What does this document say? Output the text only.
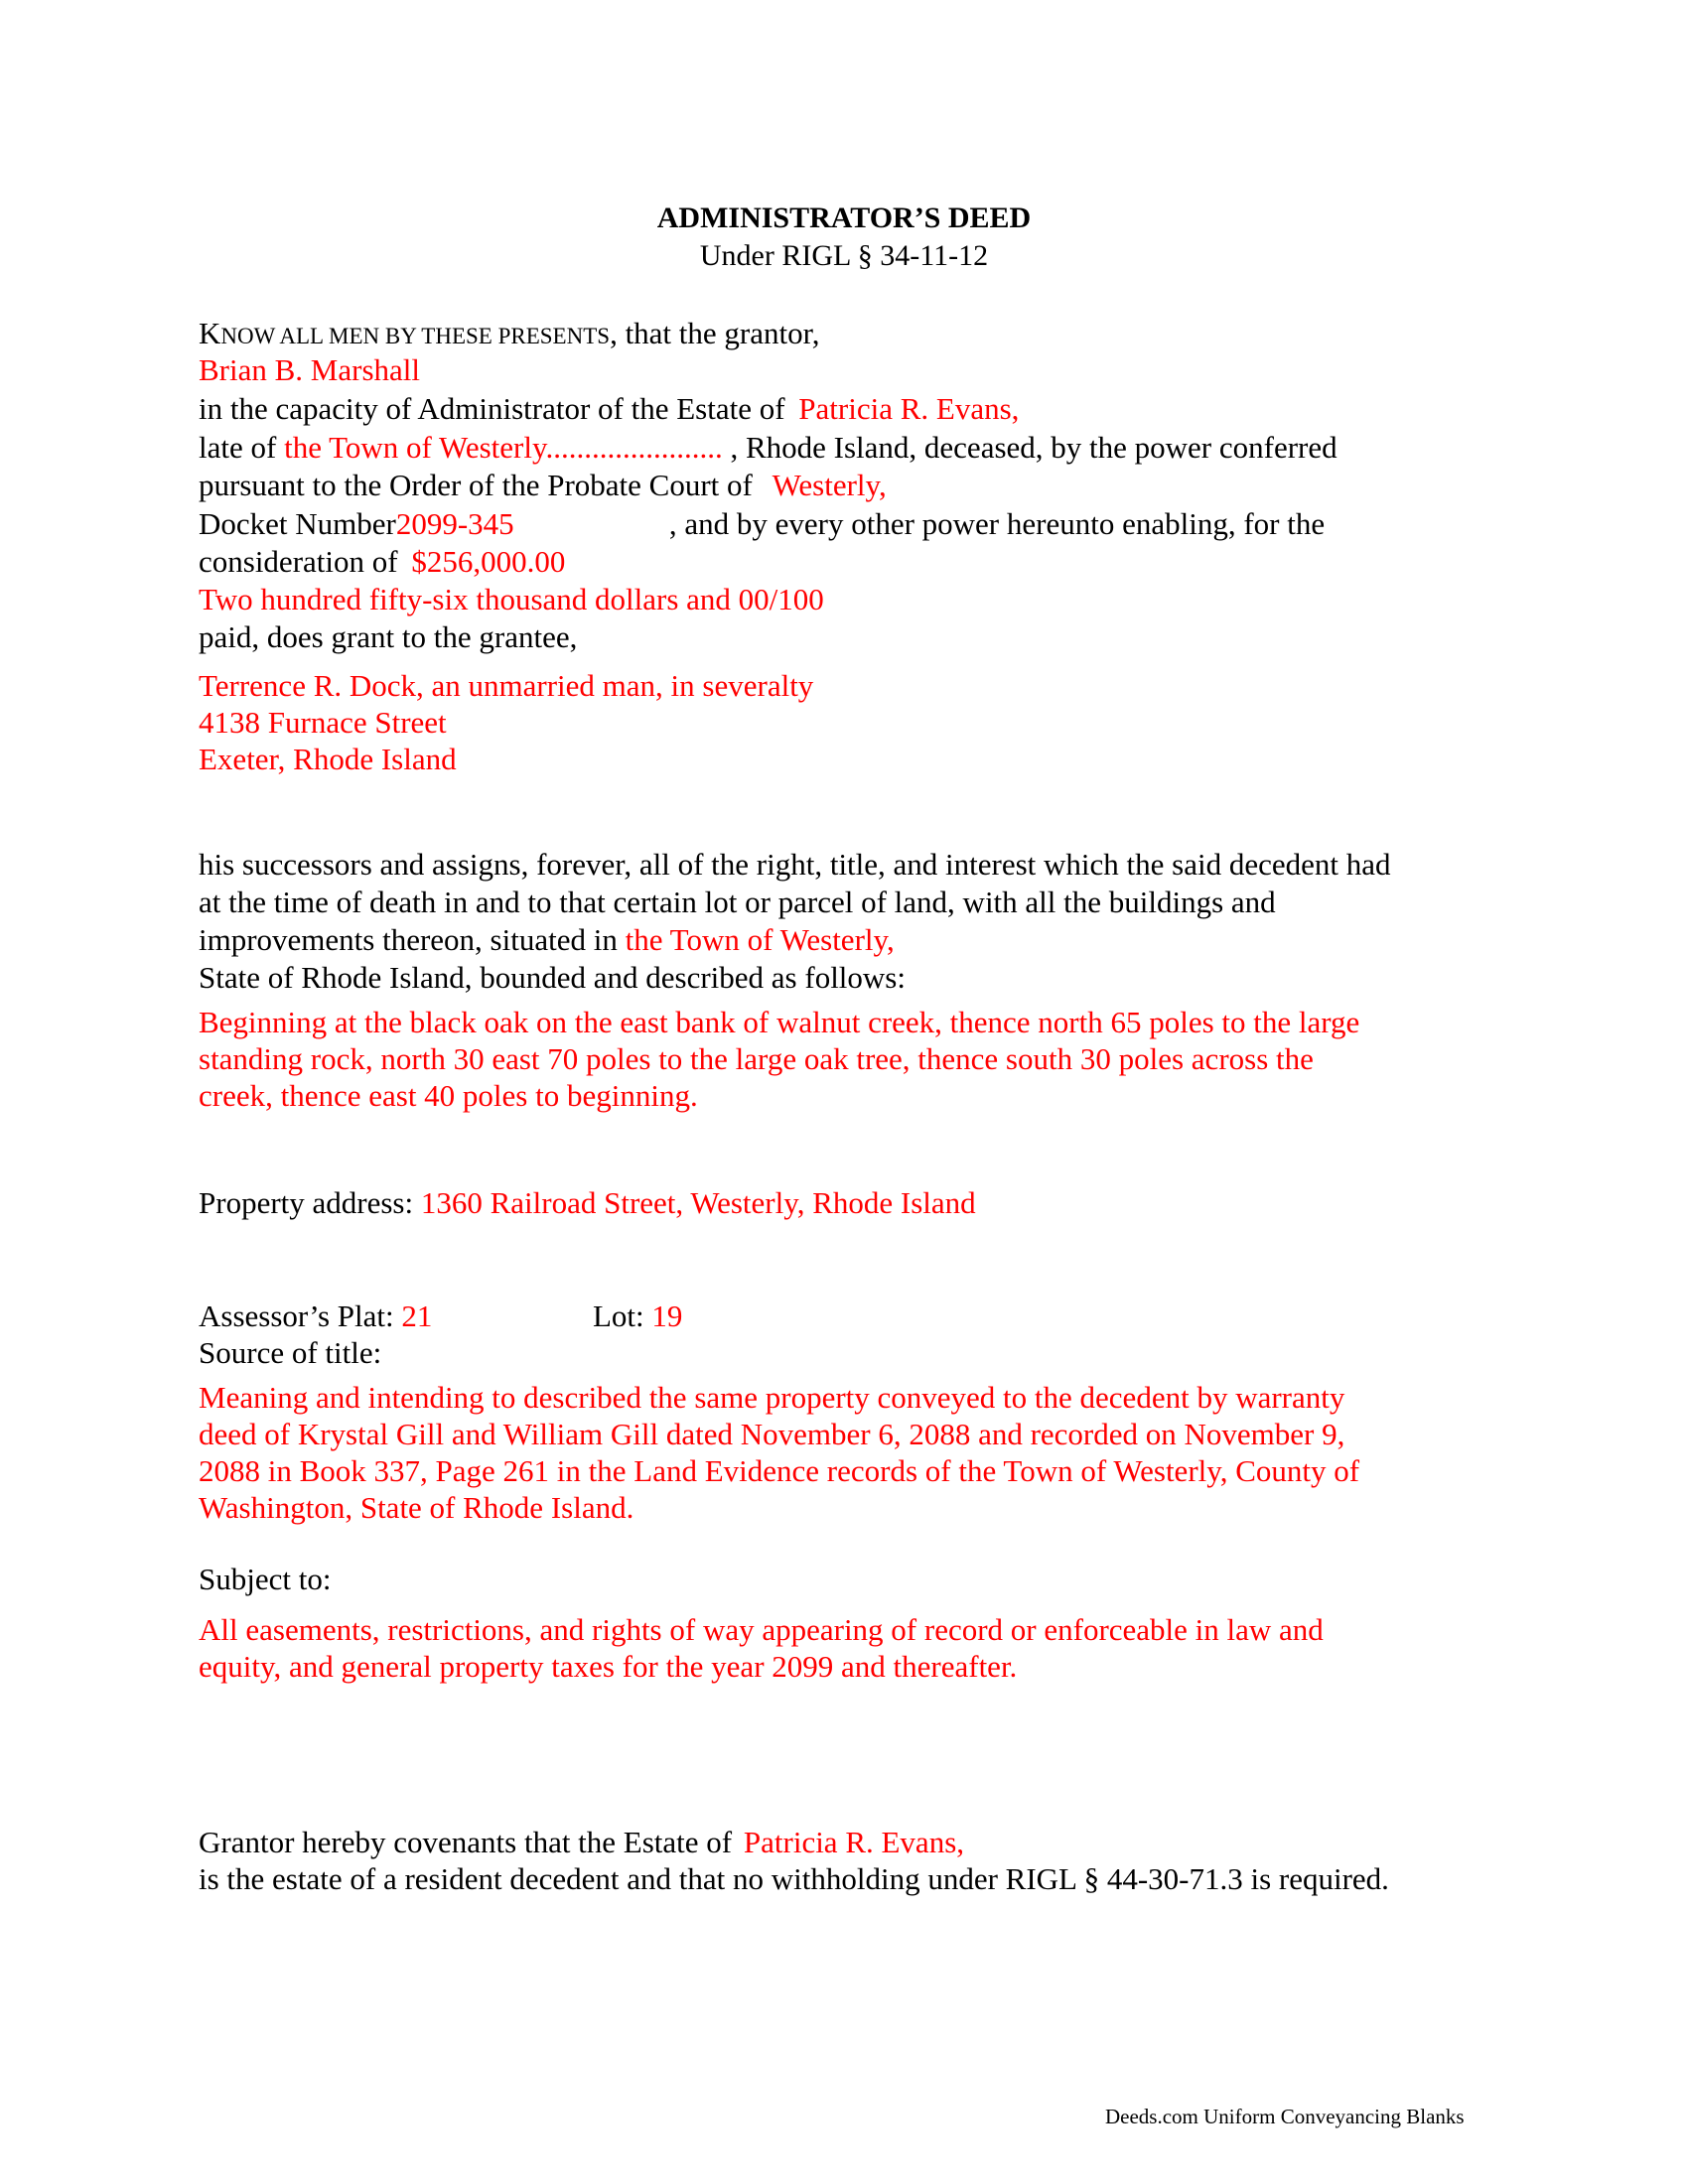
ADMINISTRATOR’S DEED
Under RIGL § 34-11-12
KNOW ALL MEN BY THESE PRESENTS, that the grantor,
Brian B. Marshall
in the capacity of Administrator of the Estate of Patricia R. Evans,
late of the Town of Westerly....................... , Rhode Island, deceased, by the power conferred
pursuant to the Order of the Probate Court of Westerly,
Docket Number2099-345	, and by every other power hereunto enabling, for the
consideration of $256,000.00
Two hundred fifty-six thousand dollars and 00/100
paid, does grant to the grantee,
Terrence R. Dock, an unmarried man, in severalty
4138 Furnace Street
Exeter, Rhode Island
his successors and assigns, forever, all of the right, title, and interest which the said decedent had
at the time of death in and to that certain lot or parcel of land, with all the buildings and
improvements thereon, situated in the Town of Westerly,
State of Rhode Island, bounded and described as follows:
Beginning at the black oak on the east bank of walnut creek, thence north 65 poles to the large
standing rock, north 30 east 70 poles to the large oak tree, thence south 30 poles across the
creek, thence east 40 poles to beginning.
Property address: 1360 Railroad Street, Westerly, Rhode Island
Assessor’s Plat: 21	Lot: 19
Source of title:
Meaning and intending to described the same property conveyed to the decedent by warranty
deed of Krystal Gill and William Gill dated November 6, 2088 and recorded on November 9,
2088 in Book 337, Page 261 in the Land Evidence records of the Town of Westerly, County of
Washington, State of Rhode Island.
Subject to:
All easements, restrictions, and rights of way appearing of record or enforceable in law and
equity, and general property taxes for the year 2099 and thereafter.
Grantor hereby covenants that the Estate of Patricia R. Evans,
is the estate of a resident decedent and that no withholding under RIGL § 44-30-71.3 is required.
Deeds.com Uniform Conveyancing Blanks
